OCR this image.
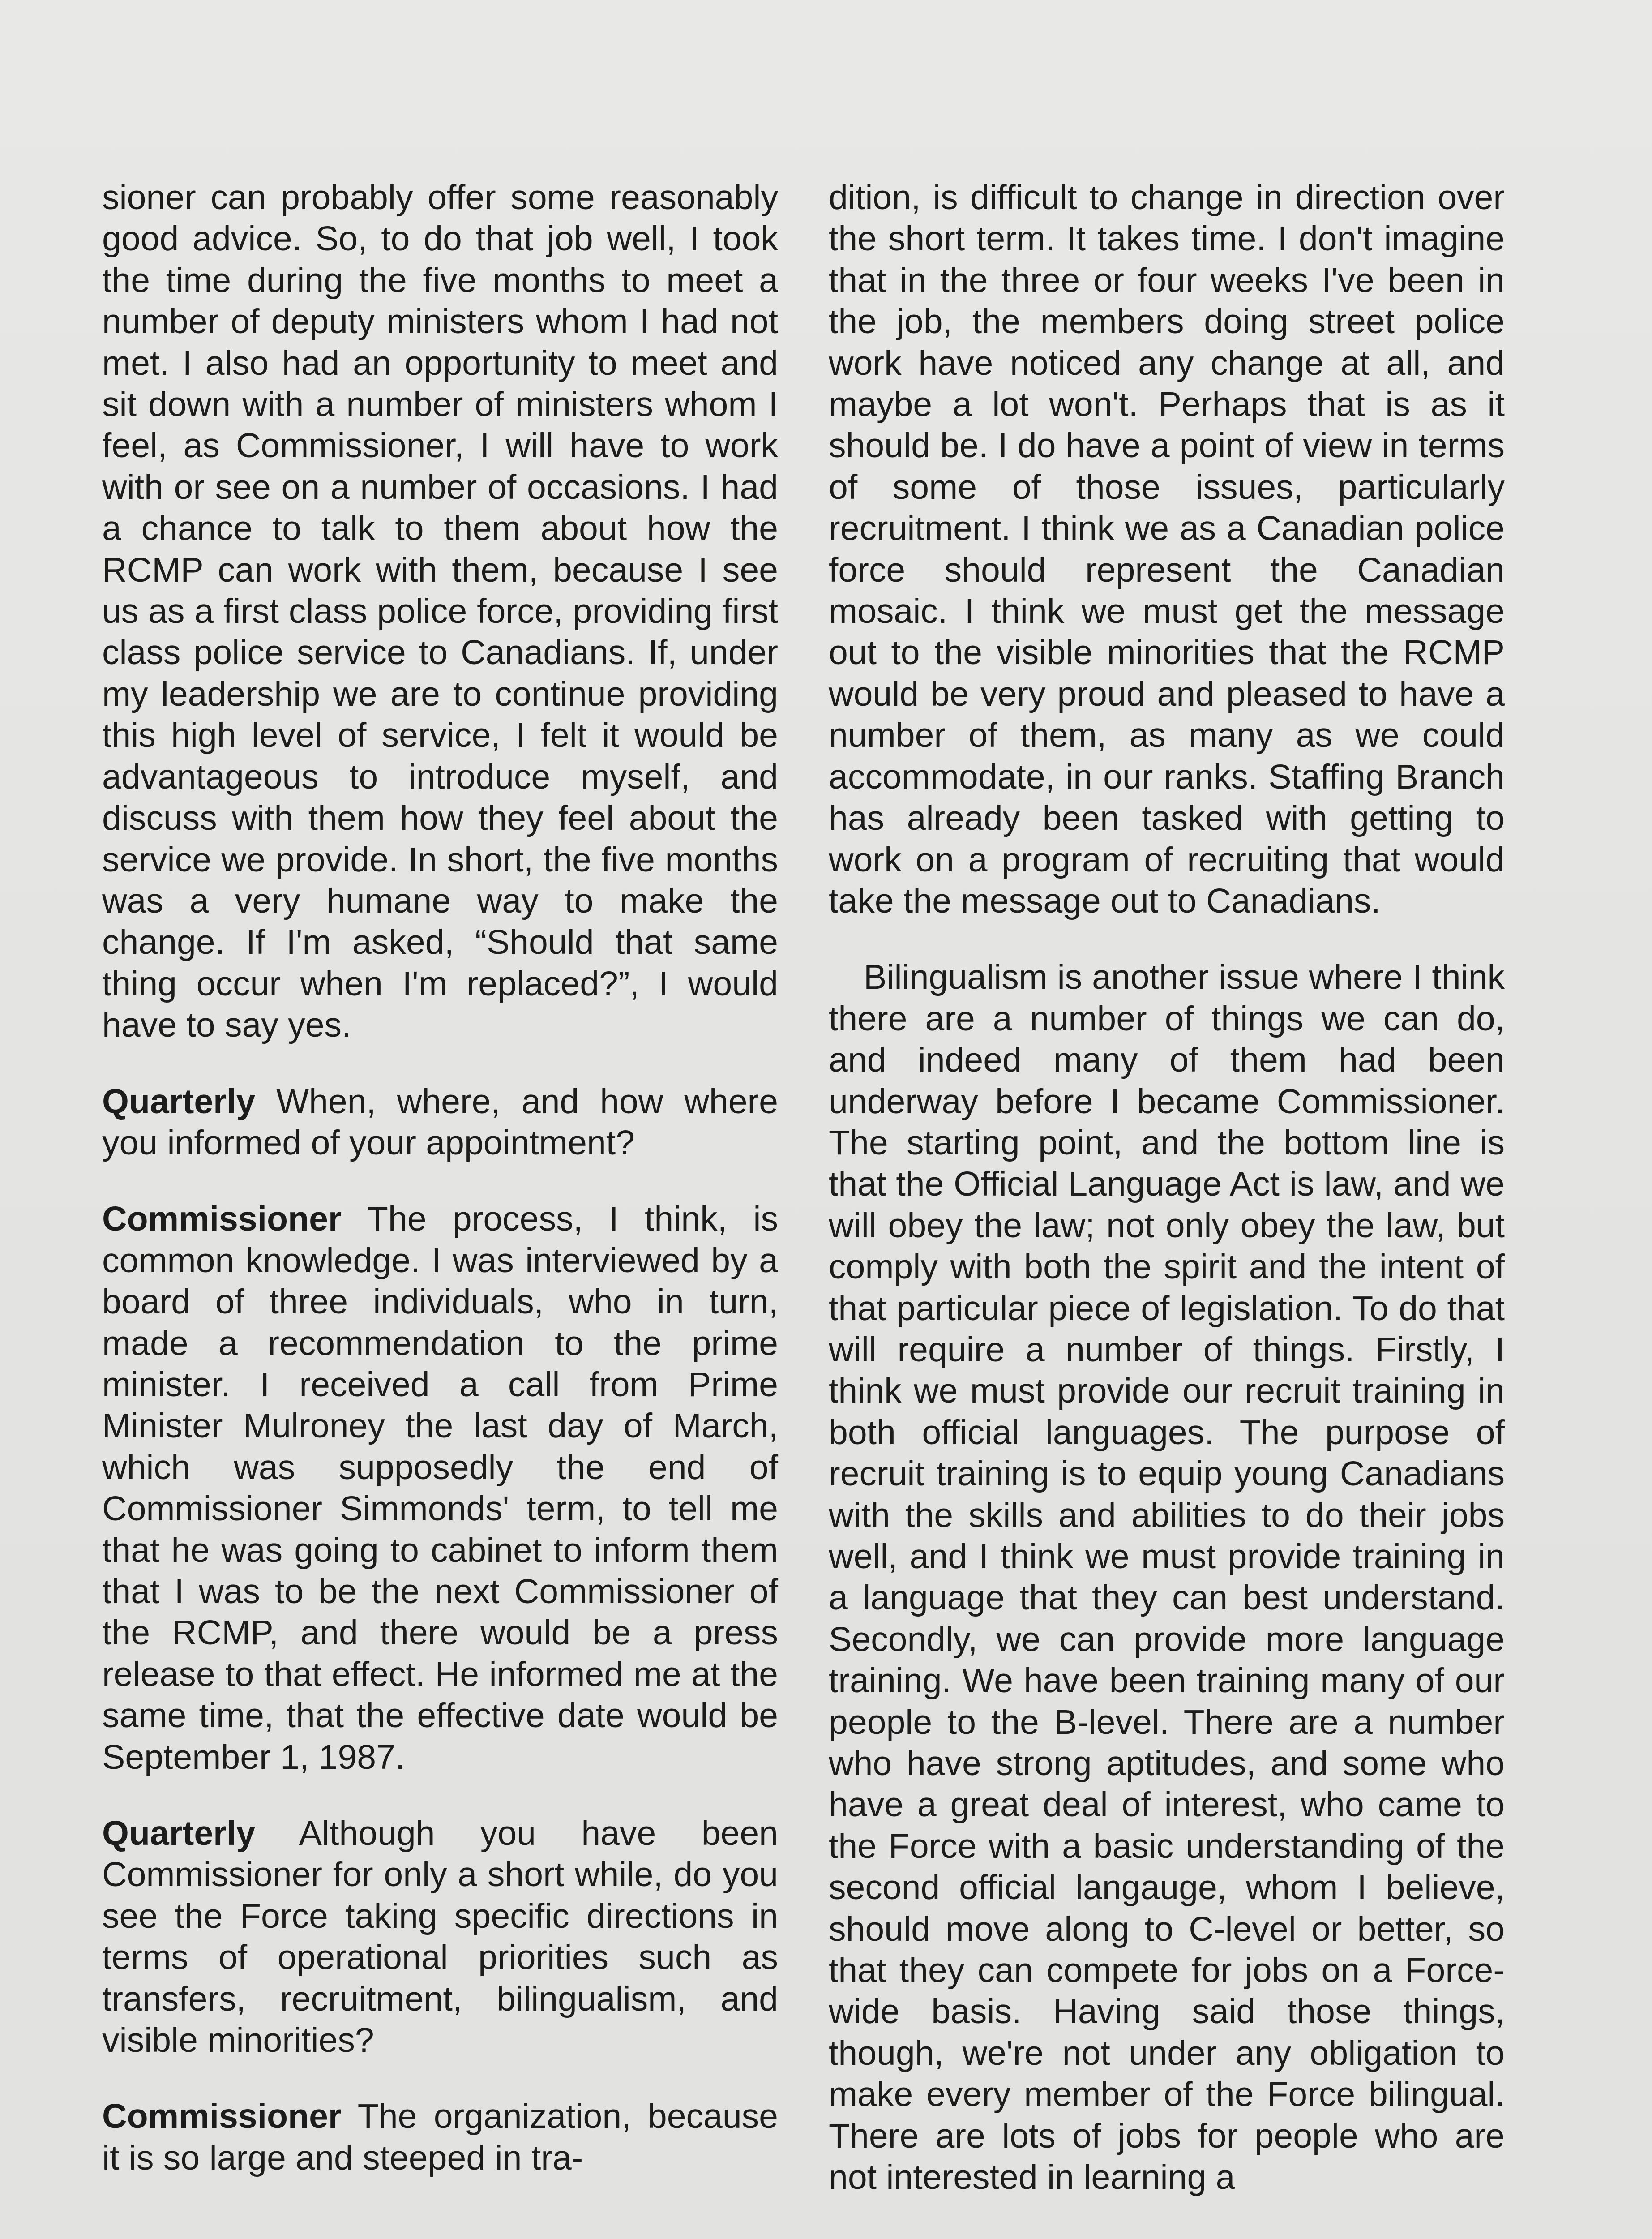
sioner can probably offer some reasonably good advice. So, to do that job well, I took the time during the five months to meet a number of deputy ministers whom I had not met. I also had an opportunity to meet and sit down with a number of ministers whom I feel, as Commissioner, I will have to work with or see on a number of occasions. I had a chance to talk to them about how the RCMP can work with them, because I see us as a first class police force, providing first class police service to Canadians. If, under my leadership we are to continue providing this high level of service, I felt it would be advantageous to introduce myself, and discuss with them how they feel about the service we provide. In short, the five months was a very humane way to make the change. If I'm asked, “Should that same thing occur when I'm replaced?”, I would have to say yes.

Quarterly When, where, and how where you informed of your appointment?

Commissioner The process, I think, is common knowledge. I was interviewed by a board of three individuals, who in turn, made a recommendation to the prime minister. I received a call from Prime Minister Mulroney the last day of March, which was supposedly the end of Commissioner Simmonds' term, to tell me that he was going to cabinet to inform them that I was to be the next Commissioner of the RCMP, and there would be a press release to that effect. He informed me at the same time, that the effective date would be September 1, 1987.

Quarterly Although you have been Commissioner for only a short while, do you see the Force taking specific directions in terms of operational priorities such as transfers, recruitment, bilingualism, and visible minorities?

Commissioner The organization, because it is so large and steeped in tra-

dition, is difficult to change in direction over the short term. It takes time. I don't imagine that in the three or four weeks I've been in the job, the members doing street police work have noticed any change at all, and maybe a lot won't. Perhaps that is as it should be. I do have a point of view in terms of some of those issues, particularly recruitment. I think we as a Canadian police force should represent the Canadian mosaic. I think we must get the message out to the visible minorities that the RCMP would be very proud and pleased to have a number of them, as many as we could accommodate, in our ranks. Staffing Branch has already been tasked with getting to work on a program of recruiting that would take the message out to Canadians.

Bilingualism is another issue where I think there are a number of things we can do, and indeed many of them had been underway before I became Commissioner. The starting point, and the bottom line is that the Official Language Act is law, and we will obey the law; not only obey the law, but comply with both the spirit and the intent of that particular piece of legislation. To do that will require a number of things. Firstly, I think we must provide our recruit training in both official languages. The purpose of recruit training is to equip young Canadians with the skills and abilities to do their jobs well, and I think we must provide training in a language that they can best understand. Secondly, we can provide more language training. We have been training many of our people to the B-level. There are a number who have strong aptitudes, and some who have a great deal of interest, who came to the Force with a basic understanding of the second official langauge, whom I believe, should move along to C-level or better, so that they can compete for jobs on a Force-wide basis. Having said those things, though, we're not under any obligation to make every member of the Force bilingual. There are lots of jobs for people who are not interested in learning a
